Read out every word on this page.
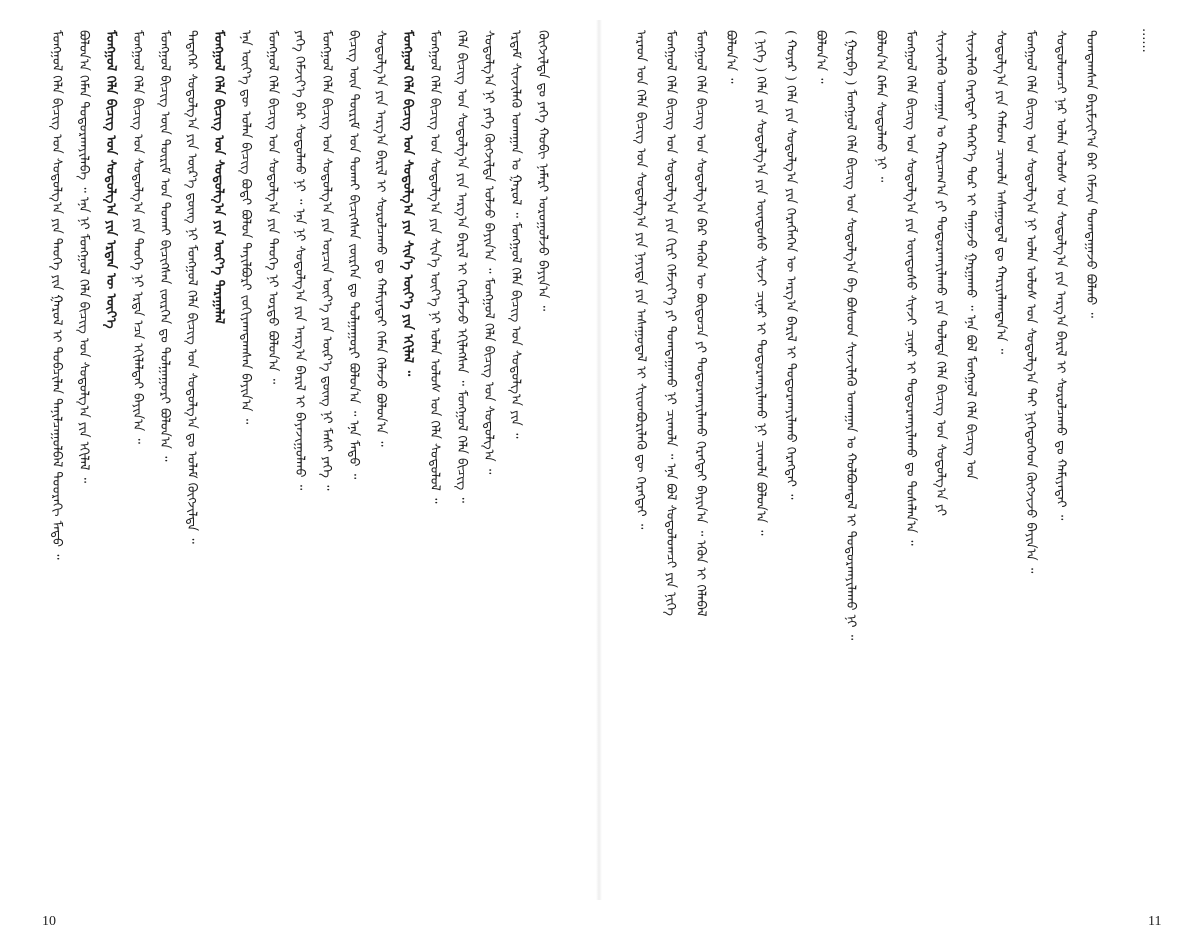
......
ᠠᠷᠠᠳ ᠤᠨ ᠬᠡᠯᠡ ᠪᠢᠴᠢᠭ ᠤᠨ ᠰᠤᠳᠤᠯᠭ᠎ᠠ ᠶᠢᠨ ᠨᠡᠶᠢᠲᠡ ᠶᠢᠨ ᠠᠰᠠᠭᠤᠳᠠᠯ ᠢ ᠰᠢᠢᠳᠪᠦᠷᠢᠯᠡᠬᠦ ᠳᠦ ᠬᠡᠷᠡᠭᠲᠡᠢ ᠃ ᠮᠣᠩᠭᠣᠯ ᠬᠡᠯᠡ ᠪᠢᠴᠢᠭ ᠤᠨ ᠰᠤᠳᠤᠯᠭ᠎ᠠ ᠶᠢᠨ ᠬᠢᠷᠢ ᠬᠡᠮᠵᠢᠶ᠎ᠡ ᠶᠢ ᠲᠣᠭᠲᠠᠭᠠᠬᠤ ᠨᠢ ᠴᠢᠬᠤᠯᠠ ᠃ ᠡᠨᠡ ᠪᠣᠯ ᠰᠤᠳᠤᠯᠤᠭᠴᠢ ᠶᠢᠨ ᠨᠢᠭᠡ ᠮᠣᠩᠭᠣᠯ ᠬᠡᠯᠡ ᠪᠢᠴᠢᠭ ᠤᠨ ᠰᠤᠳᠤᠯᠭ᠎ᠠ ᠪᠡᠷ ᠲᠡᠭᠦᠨ ᠦ ᠪᠦᠲᠦᠴᠡ ᠶᠢ ᠲᠣᠳᠤᠷᠬᠠᠶᠢᠯᠠᠬᠤ ᠬᠡᠷᠡᠭᠲᠡᠢ ᠪᠠᠶᠢᠨ᠎ᠠ ᠃ ᠡᠭᠦᠨ ᠢ ᠬᠡᠯᠡᠪᠡᠯ ᠪᠣᠯᠤᠨ᠎ᠠ ᠃ ( ᠨᠢᠭᠡ ) ᠬᠡᠯᠡ ᠶᠢᠨ ᠰᠤᠳᠤᠯᠭ᠎ᠠ ᠶᠢᠨ ᠦᠨᠳᠦᠰᠦ ᠰᠢᠨᠵᠢ ᠴᠢᠨᠠᠷ ᠢ ᠲᠣᠳᠤᠷᠬᠠᠶᠢᠯᠠᠬᠤ ᠨᠢ ᠴᠢᠬᠤᠯᠠ ᠪᠣᠯᠤᠨ᠎ᠠ ᠃ ( ᠬᠣᠶᠠᠷ ) ᠬᠡᠯᠡ ᠶᠢᠨ ᠰᠤᠳᠤᠯᠭ᠎ᠠ ᠶᠢᠨ ᠬᠡᠷᠡᠭᠯᠡᠭᠡᠨ ᠦ ᠠᠷᠭ᠎ᠠ ᠪᠠᠷᠢᠯ ᠢ ᠲᠣᠳᠤᠷᠬᠠᠶᠢᠯᠠᠬᠤ ᠬᠡᠷᠡᠭᠲᠡᠢ ᠃ ᠪᠣᠯᠤᠨ᠎ᠠ ᠃ ( ᠭᠤᠷᠪᠠ ) ᠮᠣᠩᠭᠣᠯ ᠬᠡᠯᠡ ᠪᠢᠴᠢᠭ ᠤᠨ ᠰᠤᠳᠤᠯᠭ᠎ᠠ ᠪᠠ ᠪᠤᠰᠤᠳ ᠰᠢᠨᠵᠢᠯᠡᠬᠦ ᠤᠬᠠᠭᠠᠨ ᠤ ᠬᠣᠯᠪᠣᠭᠳᠠᠯ ᠢ ᠲᠣᠳᠤᠷᠬᠠᠶᠢᠯᠠᠬᠤ ᠨᠢ ᠃ ᠪᠣᠯᠤᠨ᠎ᠠ ᠺᠡᠮᠡᠨ ᠰᠤᠳᠤᠯᠬᠤ ᠨᠢ ᠃ ᠮᠣᠩᠭᠣᠯ ᠬᠡᠯᠡ ᠪᠢᠴᠢᠭ ᠤᠨ ᠰᠤᠳᠤᠯᠭ᠎ᠠ ᠶᠢᠨ ᠦᠨᠳᠦᠰᠦ ᠰᠢᠨᠵᠢ ᠴᠢᠨᠠᠷ ᠢ ᠲᠣᠳᠤᠷᠬᠠᠶᠢᠯᠠᠬᠤ ᠳᠤ ᠲᠤᠰᠠᠯᠠᠨ᠎ᠠ ᠃ ᠰᠢᠨᠵᠢᠯᠡᠬᠦ ᠤᠬᠠᠭᠠᠨ ᠤ ᠬᠠᠷᠢᠴᠠᠭ᠎ᠠ ᠶᠢ ᠲᠣᠳᠤᠷᠬᠠᠶᠢᠯᠠᠬᠤ ᠶᠢᠨ ᠲᠤᠯᠠᠳᠠ ᠬᠡᠯᠡ ᠪᠢᠴᠢᠭ ᠤᠨ ᠰᠤᠳᠤᠯᠭ᠎ᠠ ᠶᠢ ᠰᠢᠨᠵᠢᠯᠡᠬᠦ ᠬᠡᠷᠡᠭᠲᠡᠢ ᠳᠡᠭᠡᠷ᠎ᠡ ᠳᠤᠷ ᠢ ᠳᠠᠭᠠᠵᠤ ᠭᠠᠷᠭᠠᠬᠤ ᠃ ᠡᠨᠡ ᠪᠣᠯ ᠮᠣᠩᠭᠣᠯ ᠬᠡᠯᠡ ᠪᠢᠴᠢᠭ ᠤᠨ ᠰᠤᠳᠤᠯᠭ᠎ᠠ ᠶᠢᠨ ᠬᠠᠮᠤᠭ ᠴᠢᠬᠤᠯᠠ ᠠᠰᠠᠭᠤᠳᠠᠯ ᠳᠤ ᠬᠠᠷᠢᠶᠠᠯᠠᠭᠳᠠᠨ᠎ᠠ ᠃ ᠮᠣᠩᠭᠣᠯ ᠬᠡᠯᠡ ᠪᠢᠴᠢᠭ ᠤᠨ ᠰᠤᠳᠤᠯᠭ᠎ᠠ ᠨᠢ ᠣᠯᠠᠨ ᠤᠯᠤᠰ ᠤᠨ ᠰᠤᠳᠤᠯᠭ᠎ᠠ ᠲᠠᠶ ᠨᠢᠭᠡᠳᠦᠭᠡᠳ ᠬᠥᠭᠵᠢᠵᠦ ᠪᠠᠶᠢᠨ᠎ᠠ ᠃ ᠰᠤᠳᠤᠯᠤᠭᠴᠢ ᠨᠠᠷ ᠣᠯᠠᠨ ᠤᠯᠤᠰ ᠤᠨ ᠰᠤᠳᠤᠯᠭ᠎ᠠ ᠶᠢᠨ ᠠᠷᠭ᠎ᠠ ᠪᠠᠷᠢᠯ ᠢ ᠰᠤᠷᠤᠯᠴᠠᠬᠤ ᠳᠤ ᠬᠠᠮᠢᠶᠠᠲᠠᠢ ᠃ ᠲᠣᠭᠲᠠᠭᠰᠠᠨ ᠪᠠᠷᠢᠮᠵᠢᠶ᠎ᠠ ᠪᠡᠷ ᠬᠡᠮᠵᠢᠨ ᠲᠣᠭᠲᠠᠭᠠᠵᠤ ᠪᠣᠯᠬᠤ ᠃
ᠮᠣᠩᠭᠣᠯ ᠬᠡᠯᠡ ᠪᠢᠴᠢᠭ ᠤᠨ ᠰᠤᠳᠤᠯᠭ᠎ᠠ ᠶᠢᠨ ᠲᠡᠦᠬᠡ ᠶᠢᠨ ᠭᠠᠷᠤᠯ ᠢ ᠲᠣᠪᠴᠢᠯᠠᠨ ᠲᠠᠨᠢᠯᠴᠠᠭᠤᠯᠪᠠᠯ ᠳᠣᠣᠷᠠᠬᠢ ᠮᠡᠲᠦ ᠃ ᠪᠣᠯᠤᠨ᠎ᠠ ᠬᠡᠮᠡᠨ ᠲᠣᠳᠤᠷᠬᠠᠶᠢᠯᠠᠪᠠ ᠃ ᠡᠨᠡ ᠨᠢ ᠮᠣᠩᠭᠣᠯ ᠬᠡᠯᠡ ᠪᠢᠴᠢᠭ ᠤᠨ ᠰᠤᠳᠤᠯᠭ᠎ᠠ ᠶᠢᠨ ᠡᠬᠢᠯᠡᠯ ᠃ ᠮᠣᠩᠭᠣᠯ ᠬᠡᠯᠡ ᠪᠢᠴᠢᠭ ᠤᠨ ᠰᠤᠳᠤᠯᠭ᠎ᠠ ᠶᠢᠨ ᠡᠷᠲᠡᠨ ᠦ ᠦᠶ᠎ᠡ ᠮᠣᠩᠭᠣᠯ ᠬᠡᠯᠡ ᠪᠢᠴᠢᠭ ᠤᠨ ᠰᠤᠳᠤᠯᠭ᠎ᠠ ᠶᠢᠨ ᠲᠡᠦᠬᠡ ᠨᠢ ᠡᠷᠲᠡ ᠡᠴᠡ ᠡᠬᠢᠯᠡᠯᠲᠡᠢ ᠪᠠᠶᠢᠨ᠎ᠠ ᠃ ᠮᠣᠩᠭᠣᠯ ᠪᠢᠴᠢᠭ ᠦᠨ ᠳᠦᠷᠢᠮ ᠤᠨ ᠲᠤᠬᠠᠶ ᠪᠢᠴᠢᠭᠰᠡᠨ ᠵᠦᠷᠭᠡᠨ ᠳᠤ ᠲᠤᠯᠭᠠᠭᠤᠷᠢ ᠪᠣᠯᠤᠨ᠎ᠠ ᠃ ᠲᠡᠳᠡᠭᠡᠷ ᠰᠤᠳᠤᠯᠭ᠎ᠠ ᠶᠢᠨ ᠦᠷ᠎ᠡ ᠳ᠋ᠦᠩ ᠨᠢ ᠮᠣᠩᠭᠣᠯ ᠬᠡᠯᠡ ᠪᠢᠴᠢᠭ ᠤᠨ ᠰᠤᠳᠤᠯᠭ᠎ᠠ ᠳᠤ ᠤᠯᠠᠮ ᠬᠥᠭᠵᠢᠯᠲᠡ ᠃ ᠮᠣᠩᠭᠣᠯ ᠬᠡᠯᠡ ᠪᠢᠴᠢᠭ ᠤᠨ ᠰᠤᠳᠤᠯᠭ᠎ᠠ ᠶᠢᠨ ᠦᠶ᠎ᠡ ᠳᠠᠷᠠᠭᠠᠯᠠᠯ ᠡᠨᠡ ᠦᠶ᠎ᠡ ᠳᠦ ᠣᠯᠠᠨ ᠪᠢᠴᠢᠭ ᠪᠣᠲᠢ ᠪᠣᠯᠤᠨ ᠲᠠᠶᠢᠯᠪᠤᠷᠢ ᠵᠣᠬᠢᠶᠠᠭᠳᠠᠭᠰᠠᠨ ᠪᠠᠶᠢᠨ᠎ᠠ ᠃ ᠮᠣᠩᠭᠣᠯ ᠬᠡᠯᠡ ᠪᠢᠴᠢᠭ ᠤᠨ ᠰᠤᠳᠤᠯᠭ᠎ᠠ ᠶᠢᠨ ᠲᠡᠦᠬᠡ ᠨᠢ ᠤᠷᠲᠤ ᠪᠣᠯᠤᠨ᠎ᠠ ᠃ ᠶᠡᠬᠡ ᠬᠡᠮᠵᠢᠶ᠎ᠡ ᠪᠡᠷ ᠰᠤᠳᠤᠯᠬᠤ ᠨᠢ ᠃ ᠡᠨᠡ ᠨᠢ ᠰᠤᠳᠤᠯᠭ᠎ᠠ ᠶᠢᠨ ᠠᠷᠭ᠎ᠠ ᠪᠠᠷᠢᠯ ᠢ ᠪᠠᠶᠠᠵᠢᠭᠤᠯᠬᠤ ᠃ ᠮᠣᠩᠭᠣᠯ ᠬᠡᠯᠡ ᠪᠢᠴᠢᠭ ᠤᠨ ᠰᠤᠳᠤᠯᠭ᠎ᠠ ᠶᠢᠨ ᠣᠷᠴᠢᠨ ᠦᠶ᠎ᠡ ᠶᠢᠨ ᠦᠷ᠎ᠡ ᠳ᠋ᠦᠩ ᠨᠢ ᠮᠠᠰᠢ ᠶᠡᠬᠡ ᠃ ᠪᠢᠴᠢᠭ ᠦᠨ ᠳᠦᠷᠢᠮ ᠤᠨ ᠲᠤᠬᠠᠶ ᠪᠢᠴᠢᠭᠰᠡᠨ ᠵᠦᠷᠭᠡᠨ ᠳᠤ ᠲᠤᠯᠭᠠᠭᠤᠷᠢ ᠪᠣᠯᠤᠨ᠎ᠠ ᠃ ᠡᠨᠡ ᠮᠡᠲᠦ ᠃ ᠰᠤᠳᠤᠯᠭ᠎ᠠ ᠶᠢᠨ ᠠᠷᠭ᠎ᠠ ᠪᠠᠷᠢᠯ ᠢ ᠰᠤᠷᠤᠯᠴᠠᠬᠤ ᠳᠤ ᠬᠠᠮᠢᠶᠠᠲᠠᠢ ᠬᠡᠮᠡᠨ ᠬᠡᠯᠡᠵᠦ ᠪᠣᠯᠤᠨ᠎ᠠ ᠃ ᠮᠣᠩᠭᠣᠯ ᠬᠡᠯᠡ ᠪᠢᠴᠢᠭ ᠤᠨ ᠰᠤᠳᠤᠯᠭ᠎ᠠ ᠶᠢᠨ ᠰᠢᠨ᠎ᠡ ᠦᠶ᠎ᠡ ᠶᠢᠨ ᠡᠬᠢᠯᠡᠯ ᠃ ᠮᠣᠩᠭᠣᠯ ᠬᠡᠯᠡ ᠪᠢᠴᠢᠭ ᠤᠨ ᠰᠤᠳᠤᠯᠭ᠎ᠠ ᠶᠢᠨ ᠰᠢᠨ᠎ᠡ ᠦᠶ᠎ᠡ ᠨᠢ ᠣᠯᠠᠨ ᠤᠯᠤᠰ ᠤᠨ ᠬᠡᠯᠡ ᠰᠤᠳᠤᠯᠤᠯ ᠃ ᠬᠡᠯᠡ ᠪᠢᠴᠢᠭ ᠤᠨ ᠰᠤᠳᠤᠯᠭ᠎ᠠ ᠶᠢᠨ ᠠᠷᠭ᠎ᠠ ᠪᠠᠷᠢᠯ ᠢ ᠬᠡᠷᠡᠭᠯᠡᠵᠦ ᠡᠬᠢᠯᠡᠭᠰᠡᠨ ᠃ ᠮᠣᠩᠭᠣᠯ ᠬᠡᠯᠡ ᠪᠢᠴᠢᠭ ᠃ ᠰᠤᠳᠤᠯᠭ᠎ᠠ ᠨᠢ ᠶᠡᠬᠡ ᠬᠥᠭᠵᠢᠯᠲᠡ ᠣᠯᠵᠤ ᠪᠠᠶᠢᠨ᠎ᠠ ᠃ ᠮᠣᠩᠭᠣᠯ ᠬᠡᠯᠡ ᠪᠢᠴᠢᠭ ᠤᠨ ᠰᠤᠳᠤᠯᠭ᠎ᠠ ᠃ ᠡᠷᠳᠡᠮ ᠰᠢᠨᠵᠢᠯᠡᠬᠦ ᠤᠬᠠᠭᠠᠨ ᠤ ᠭᠠᠷᠤᠯ ᠃ ᠮᠣᠩᠭᠣᠯ ᠬᠡᠯᠡ ᠪᠢᠴᠢᠭ ᠤᠨ ᠰᠤᠳᠤᠯᠭ᠎ᠠ ᠶᠢᠨ ᠃ ᠬᠥᠭᠵᠢᠯᠲᠡ ᠳᠤ ᠶᠡᠬᠡ ᠬᠤᠪᠢ ᠨᠡᠮᠡᠷᠢ ᠣᠷᠤᠭᠤᠯᠵᠤ ᠪᠠᠶᠢᠨ᠎ᠠ ᠃
10	11
